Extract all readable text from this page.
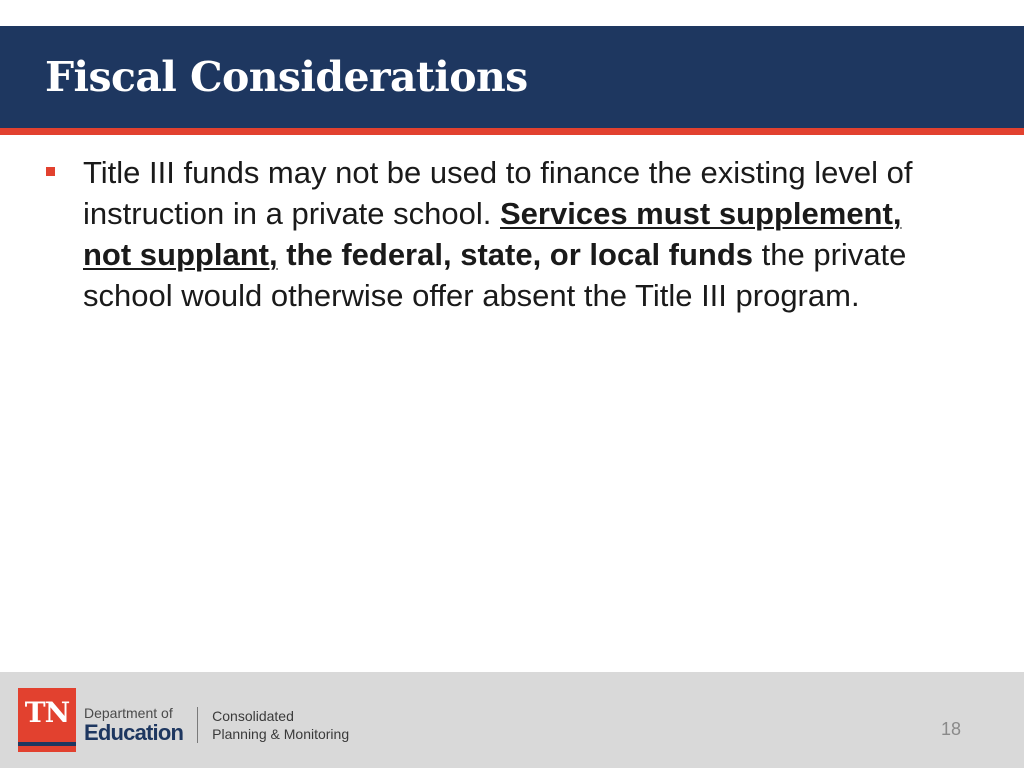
Fiscal Considerations
Title III funds may not be used to finance the existing level of instruction in a private school. Services must supplement, not supplant, the federal, state, or local funds the private school would otherwise offer absent the Title III program.
TN	Department of
Education
Consolidated
Planning & Monitoring	18
